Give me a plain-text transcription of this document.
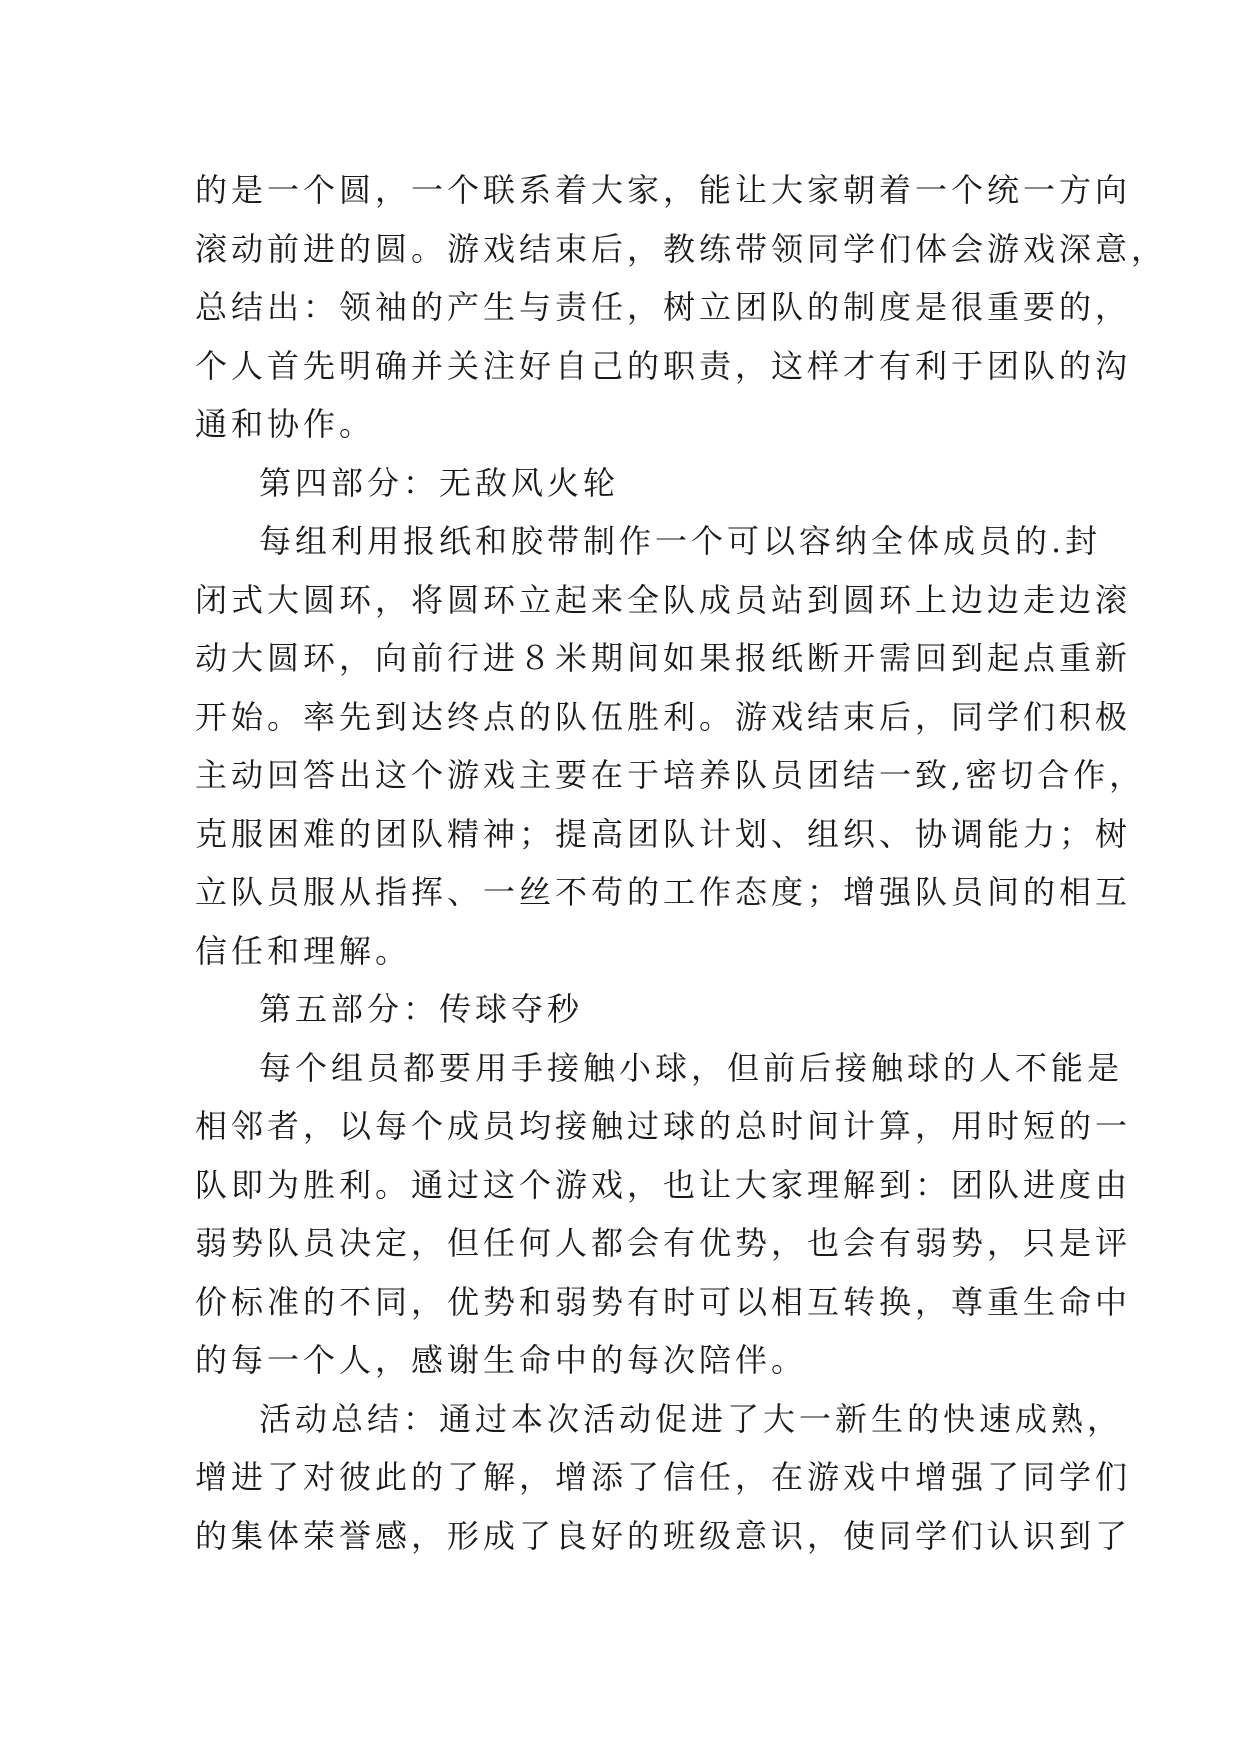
的是一个圆，一个联系着大家，能让大家朝着一个统一方向
滚动前进的圆。游戏结束后，教练带领同学们体会游戏深意，
总结出：领袖的产生与责任，树立团队的制度是很重要的，
个人首先明确并关注好自己的职责，这样才有利于团队的沟
通和协作。
第四部分：无敌风火轮
每组利用报纸和胶带制作一个可以容纳全体成员的.封
闭式大圆环，将圆环立起来全队成员站到圆环上边边走边滚
动大圆环，向前行进８米期间如果报纸断开需回到起点重新
开始。率先到达终点的队伍胜利。游戏结束后，同学们积极
主动回答出这个游戏主要在于培养队员团结一致,密切合作，
克服困难的团队精神；提高团队计划、组织、协调能力；树
立队员服从指挥、一丝不苟的工作态度；增强队员间的相互
信任和理解。
第五部分：传球夺秒
每个组员都要用手接触小球，但前后接触球的人不能是
相邻者，以每个成员均接触过球的总时间计算，用时短的一
队即为胜利。通过这个游戏，也让大家理解到：团队进度由
弱势队员决定，但任何人都会有优势，也会有弱势，只是评
价标准的不同，优势和弱势有时可以相互转换，尊重生命中
的每一个人，感谢生命中的每次陪伴。
活动总结：通过本次活动促进了大一新生的快速成熟，
增进了对彼此的了解，增添了信任，在游戏中增强了同学们
的集体荣誉感，形成了良好的班级意识，使同学们认识到了
